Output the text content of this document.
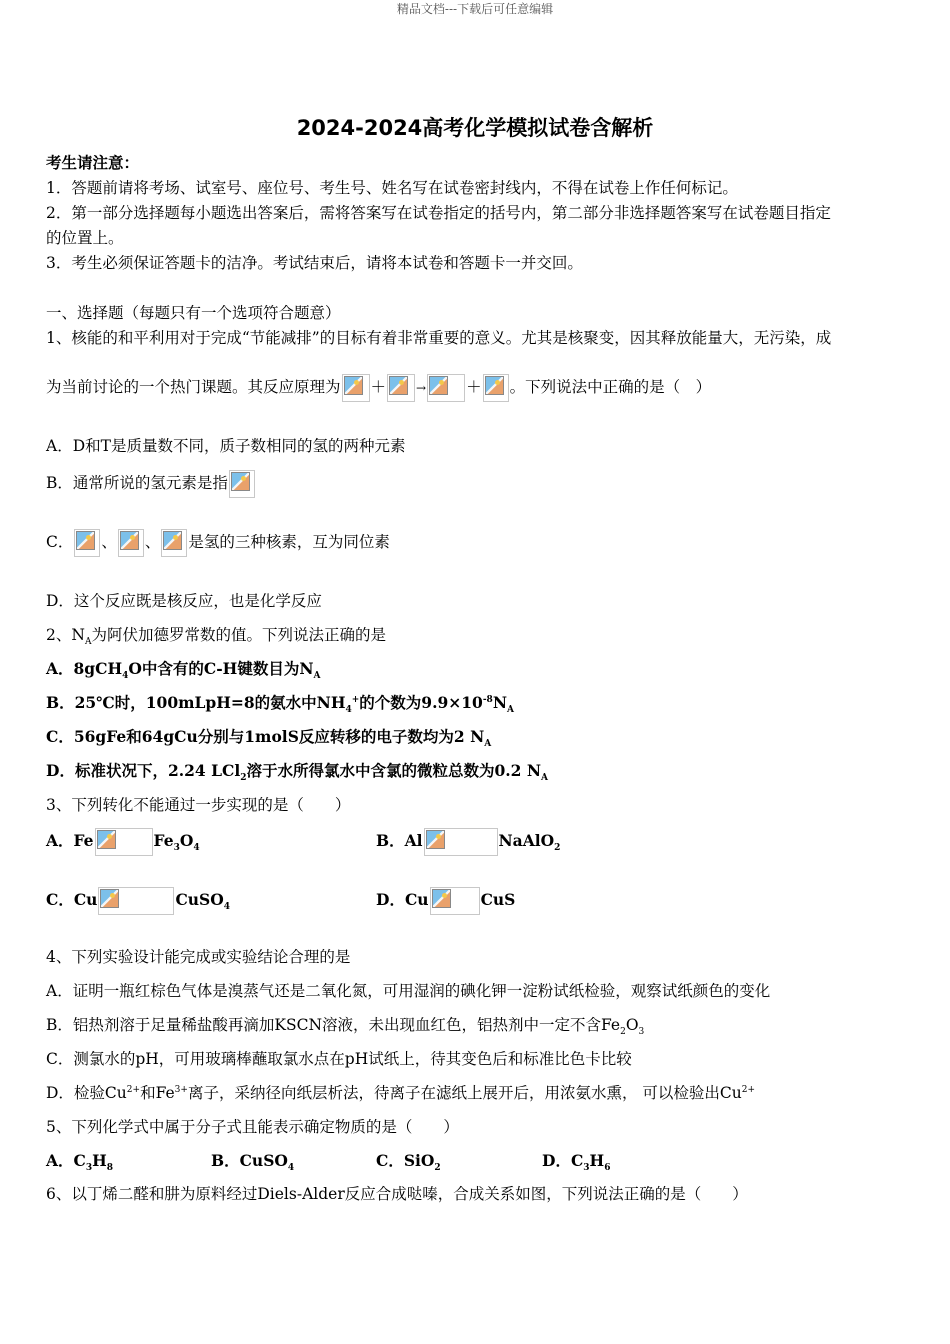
精品文档---下载后可任意编辑
2024-2024高考化学模拟试卷含解析
考生请注意：
1．答题前请将考场、试室号、座位号、考生号、姓名写在试卷密封线内，不得在试卷上作任何标记。
2．第一部分选择题每小题选出答案后，需将答案写在试卷指定的括号内，第二部分非选择题答案写在试卷题目指定
的位置上。
3．考生必须保证答题卡的洁净。考试结束后，请将本试卷和答题卡一并交回。
一、选择题（每题只有一个选项符合题意）
1、核能的和平利用对于完成“节能减排”的目标有着非常重要的意义。尤其是核聚变，因其释放能量大，无污染，成
为当前讨论的一个热门课题。其反应原理为 ＋	→	＋ 。下列说法中正确的是（　）
A．D和T是质量数不同，质子数相同的氢的两种元素
B．通常所说的氢元素是指
C． 、 、 是氢的三种核素，互为同位素
D．这个反应既是核反应，也是化学反应
2、$N_A$为阿伏加德罗常数的值。下列说法正确的是
A．8gCH$_4$O中含有的C-H键数目为$N_A$
B．25℃时，100mLpH=8的氨水中$NH_4^+$的个数为$9.9\times 10^{-8}N_A$
C．56gFe和64gCu分别与1molS反应转移的电子数均为2 $N_A$
D．标准状况下，2.24 LCl$_2$溶于水所得氯水中含氯的微粒总数为0.2 $N_A$
3、下列转化不能通过一步实现的是（　　）
A．Fe	$Fe_3O_4$	B．Al	NaAlO$_2$
C．Cu	CuSO$_4$	D．Cu	CuS
4、下列实验设计能完成或实验结论合理的是
A．证明一瓶红棕色气体是溴蒸气还是二氧化氮，可用湿润的碘化钾一淀粉试纸检验，观察试纸颜色的变化
B．铝热剂溶于足量稀盐酸再滴加KSCN溶液，未出现血红色，铝热剂中一定不含$Fe_2O_3$
C．测氯水的pH，可用玻璃棒蘸取氯水点在pH试纸上，待其变色后和标准比色卡比较
D．检验$Cu^{2+}$和$Fe^{3+}$离子，采纳径向纸层析法，待离子在滤纸上展开后，用浓氨水熏， 可以检验出$Cu^{2+}$
5、下列化学式中属于分子式且能表示确定物质的是（　　）
A．$C_3H_8$	B．CuSO$_4$	C．SiO$_2$	D．$C_3H_6$
6、以丁烯二醛和肼为原料经过Diels-Alder反应合成哒嗪，合成关系如图，下列说法正确的是（　　）
